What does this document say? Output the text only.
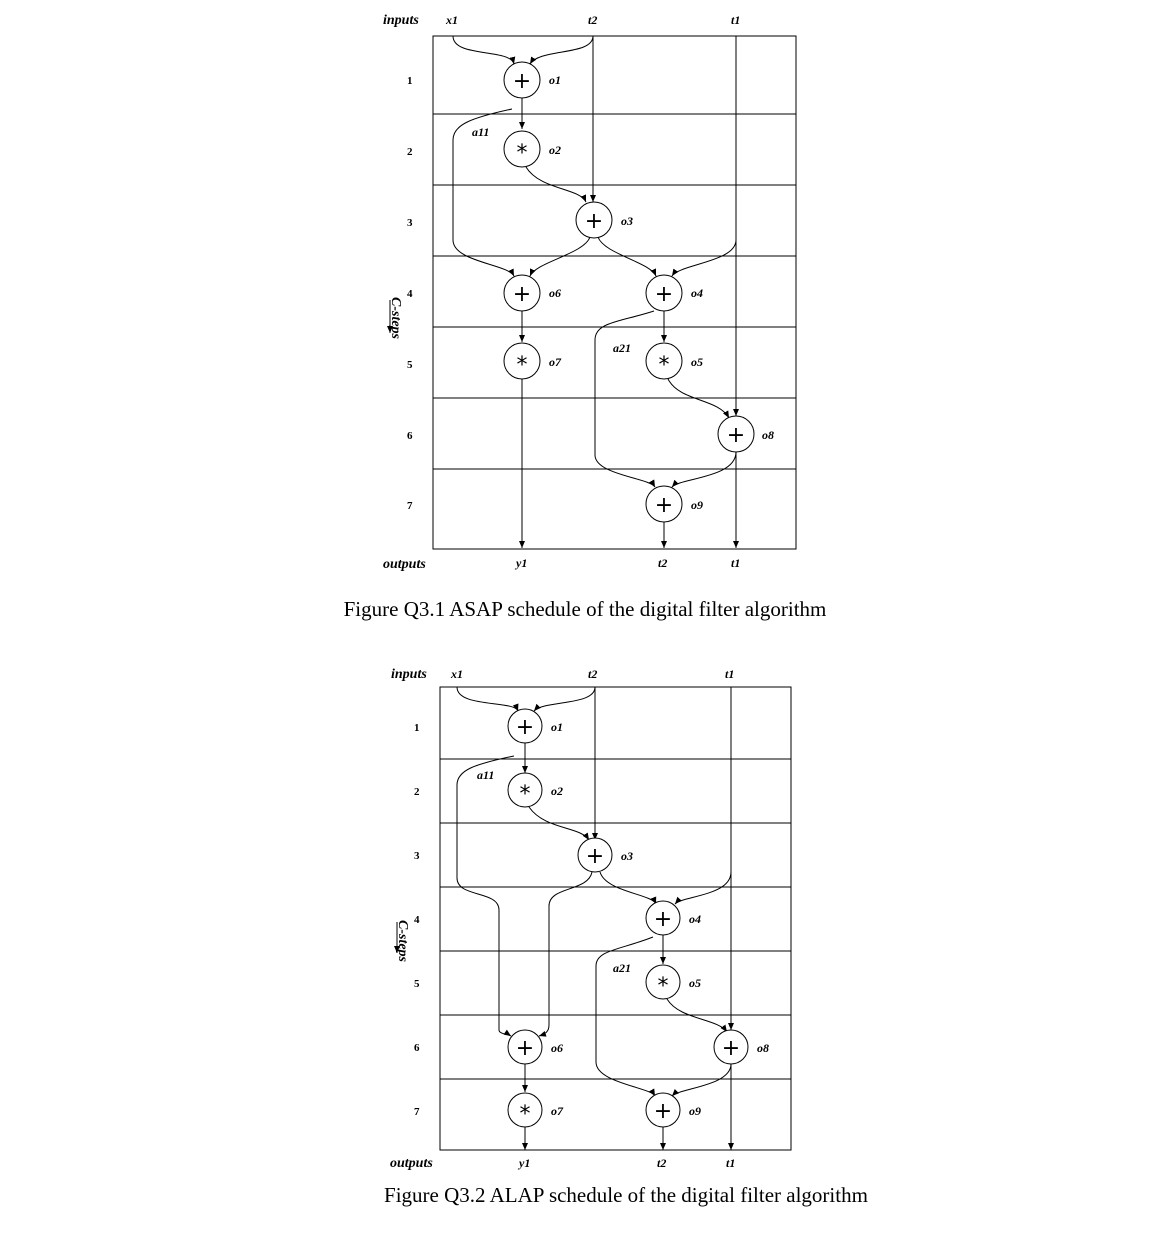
inputs x1	t2	t1
1
2
3
4
5
6
7
C-steps
a11
a21
+ o1
* o2
+ o3
+ o6	+ o4
* o7	* o5
+ o8
+ o9
outputs	y1	t2	t1
Figure Q3.1 ASAP schedule of the digital filter algorithm
inputs x1	t2	t1
1
2
3
4
5
6
7
C-steps
a11
a21
+ o1
* o2
+ o3
+ o4
* o5
+ o6	+ o8
* o7	+ o9
outputs	y1	t2	t1
Figure Q3.2 ALAP schedule of the digital filter algorithm
